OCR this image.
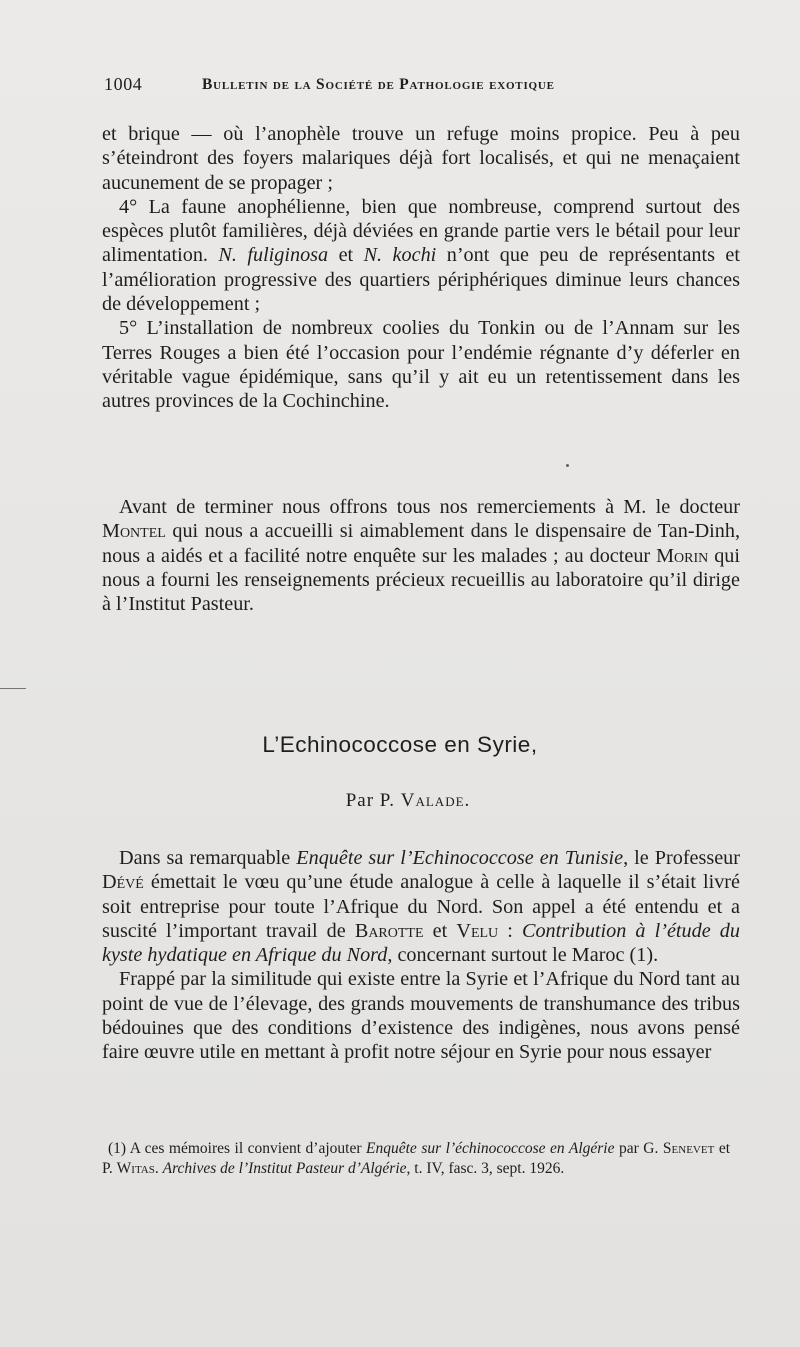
1004	Bulletin de la Société de Pathologie exotique

et brique — où l’anophèle trouve un refuge moins propice. Peu à peu s’éteindront des foyers malariques déjà fort localisés, et qui ne menaçaient aucunement de se propager ;

4° La faune anophélienne, bien que nombreuse, comprend surtout des espèces plutôt familières, déjà déviées en grande partie vers le bétail pour leur alimentation. N. fuliginosa et N. kochi n’ont que peu de représentants et l’amélioration progressive des quartiers périphériques diminue leurs chances de développement ;

5° L’installation de nombreux coolies du Tonkin ou de l’Annam sur les Terres Rouges a bien été l’occasion pour l’endémie régnante d’y déferler en véritable vague épidémique, sans qu’il y ait eu un retentissement dans les autres provinces de la Cochinchine.

Avant de terminer nous offrons tous nos remerciements à M. le docteur Montel qui nous a accueilli si aimablement dans le dispensaire de Tan-Dinh, nous a aidés et a facilité notre enquête sur les malades ; au docteur Morin qui nous a fourni les renseignements précieux recueillis au laboratoire qu’il dirige à l’Institut Pasteur.

L’Echinococcose en Syrie,
Par P. Valade.

Dans sa remarquable Enquête sur l’Echinococcose en Tunisie, le Professeur Dévé émettait le vœu qu’une étude analogue à celle à laquelle il s’était livré soit entreprise pour toute l’Afrique du Nord. Son appel a été entendu et a suscité l’important travail de Barotte et Velu : Contribution à l’étude du kyste hydatique en Afrique du Nord, concernant surtout le Maroc (1).

Frappé par la similitude qui existe entre la Syrie et l’Afrique du Nord tant au point de vue de l’élevage, des grands mouvements de transhumance des tribus bédouines que des conditions d’existence des indigènes, nous avons pensé faire œuvre utile en mettant à profit notre séjour en Syrie pour nous essayer

(1) A ces mémoires il convient d’ajouter Enquête sur l’échinococcose en Algérie par G. Senevet et P. Witas. Archives de l’Institut Pasteur d’Algérie, t. IV, fasc. 3, sept. 1926.
